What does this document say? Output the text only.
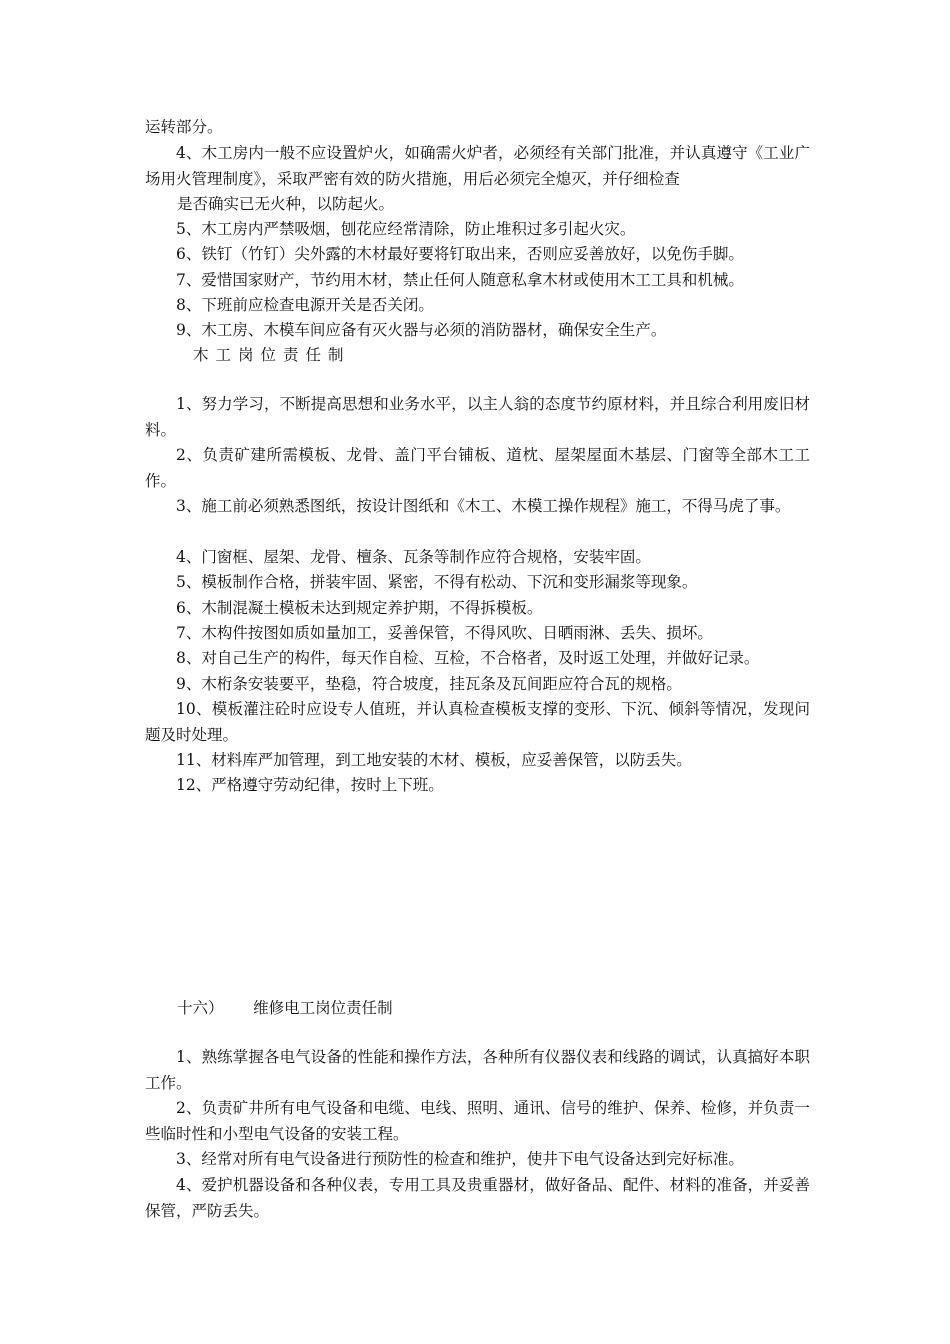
运转部分。

4、木工房内一般不应设置炉火，如确需火炉者，必须经有关部门批准，并认真遵守《工业广场用火管理制度》，采取严密有效的防火措施，用后必须完全熄灭，并仔细检查

是否确实已无火种，以防起火。

5、木工房内严禁吸烟，刨花应经常清除，防止堆积过多引起火灾。

6、铁钉（竹钉）尖外露的木材最好要将钉取出来，否则应妥善放好，以免伤手脚。

7、爱惜国家财产，节约用木材，禁止任何人随意私拿木材或使用木工工具和机械。

8、下班前应检查电源开关是否关闭。

9、木工房、木模车间应备有灭火器与必须的消防器材，确保安全生产。

木工岗位责任制

1、努力学习，不断提高思想和业务水平，以主人翁的态度节约原材料，并且综合利用废旧材料。

2、负责矿建所需模板、龙骨、盖门平台铺板、道枕、屋架屋面木基层、门窗等全部木工工作。

3、施工前必须熟悉图纸，按设计图纸和《木工、木模工操作规程》施工，不得马虎了事。

4、门窗框、屋架、龙骨、檀条、瓦条等制作应符合规格，安装牢固。

5、模板制作合格，拼装牢固、紧密，不得有松动、下沉和变形漏浆等现象。

6、木制混凝土模板未达到规定养护期，不得拆模板。

7、木构件按图如质如量加工，妥善保管，不得风吹、日晒雨淋、丢失、损坏。

8、对自己生产的构件，每天作自检、互检，不合格者，及时返工处理，并做好记录。

9、木桁条安装要平，垫稳，符合坡度，挂瓦条及瓦间距应符合瓦的规格。

10、模板灌注砼时应设专人值班，并认真检查模板支撑的变形、下沉、倾斜等情况，发现问题及时处理。

11、材料库严加管理，到工地安装的木材、模板，应妥善保管，以防丢失。

12、严格遵守劳动纪律，按时上下班。

十六） 维修电工岗位责任制

1、熟练掌握各电气设备的性能和操作方法，各种所有仪器仪表和线路的调试，认真搞好本职工作。

2、负责矿井所有电气设备和电缆、电线、照明、通讯、信号的维护、保养、检修，并负责一些临时性和小型电气设备的安装工程。

3、经常对所有电气设备进行预防性的检查和维护，使井下电气设备达到完好标准。

4、爱护机器设备和各种仪表，专用工具及贵重器材，做好备品、配件、材料的准备，并妥善保管，严防丢失。
